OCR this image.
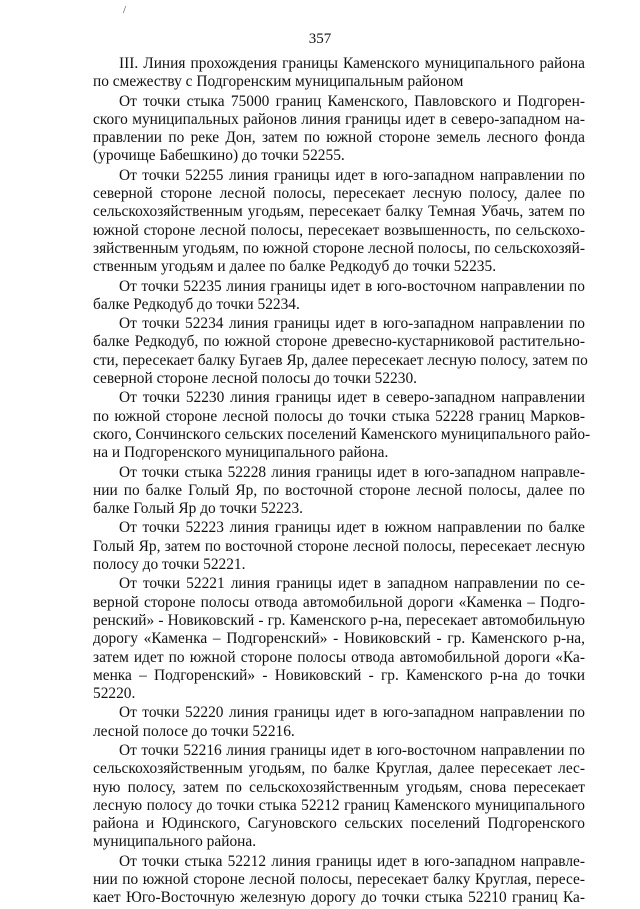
/
357
III. Линия прохождения границы Каменского муниципального района
по смежеству с Подгоренским муниципальным районом
От точки стыка 75000 границ Каменского, Павловского и Подгорен-
ского муниципальных районов линия границы идет в северо-западном на-
правлении по реке Дон, затем по южной стороне земель лесного фонда
(урочище Бабешкино) до точки 52255.
От точки 52255 линия границы идет в юго-западном направлении по
северной стороне лесной полосы, пересекает лесную полосу, далее по
сельскохозяйственным угодьям, пересекает балку Темная Убачь, затем по
южной стороне лесной полосы, пересекает возвышенность, по сельскохо-
зяйственным угодьям, по южной стороне лесной полосы, по сельскохозяй-
ственным угодьям и далее по балке Редкодуб до точки 52235.
От точки 52235 линия границы идет в юго-восточном направлении по
балке Редкодуб до точки 52234.
От точки 52234 линия границы идет в юго-западном направлении по
балке Редкодуб, по южной стороне древесно-кустарниковой растительно-
сти, пересекает балку Бугаев Яр, далее пересекает лесную полосу, затем по
северной стороне лесной полосы до точки 52230.
От точки 52230 линия границы идет в северо-западном направлении
по южной стороне лесной полосы до точки стыка 52228 границ Марков-
ского, Сончинского сельских поселений Каменского муниципального райо-
на и Подгоренского муниципального района.
От точки стыка 52228 линия границы идет в юго-западном направле-
нии по балке Голый Яр, по восточной стороне лесной полосы, далее по
балке Голый Яр до точки 52223.
От точки 52223 линия границы идет в южном направлении по балке
Голый Яр, затем по восточной стороне лесной полосы, пересекает лесную
полосу до точки 52221.
От точки 52221 линия границы идет в западном направлении по се-
верной стороне полосы отвода автомобильной дороги «Каменка – Подго-
ренский» - Новиковский - гр. Каменского р-на, пересекает автомобильную
дорогу «Каменка – Подгоренский» - Новиковский - гр. Каменского р-на,
затем идет по южной стороне полосы отвода автомобильной дороги «Ка-
менка – Подгоренский» - Новиковский - гр. Каменского р-на до точки
52220.
От точки 52220 линия границы идет в юго-западном направлении по
лесной полосе до точки 52216.
От точки 52216 линия границы идет в юго-восточном направлении по
сельскохозяйственным угодьям, по балке Круглая, далее пересекает лес-
ную полосу, затем по сельскохозяйственным угодьям, снова пересекает
лесную полосу до точки стыка 52212 границ Каменского муниципального
района и Юдинского, Сагуновского сельских поселений Подгоренского
муниципального района.
От точки стыка 52212 линия границы идет в юго-западном направле-
нии по южной стороне лесной полосы, пересекает балку Круглая, пересе-
кает Юго-Восточную железную дорогу до точки стыка 52210 границ Ка-
